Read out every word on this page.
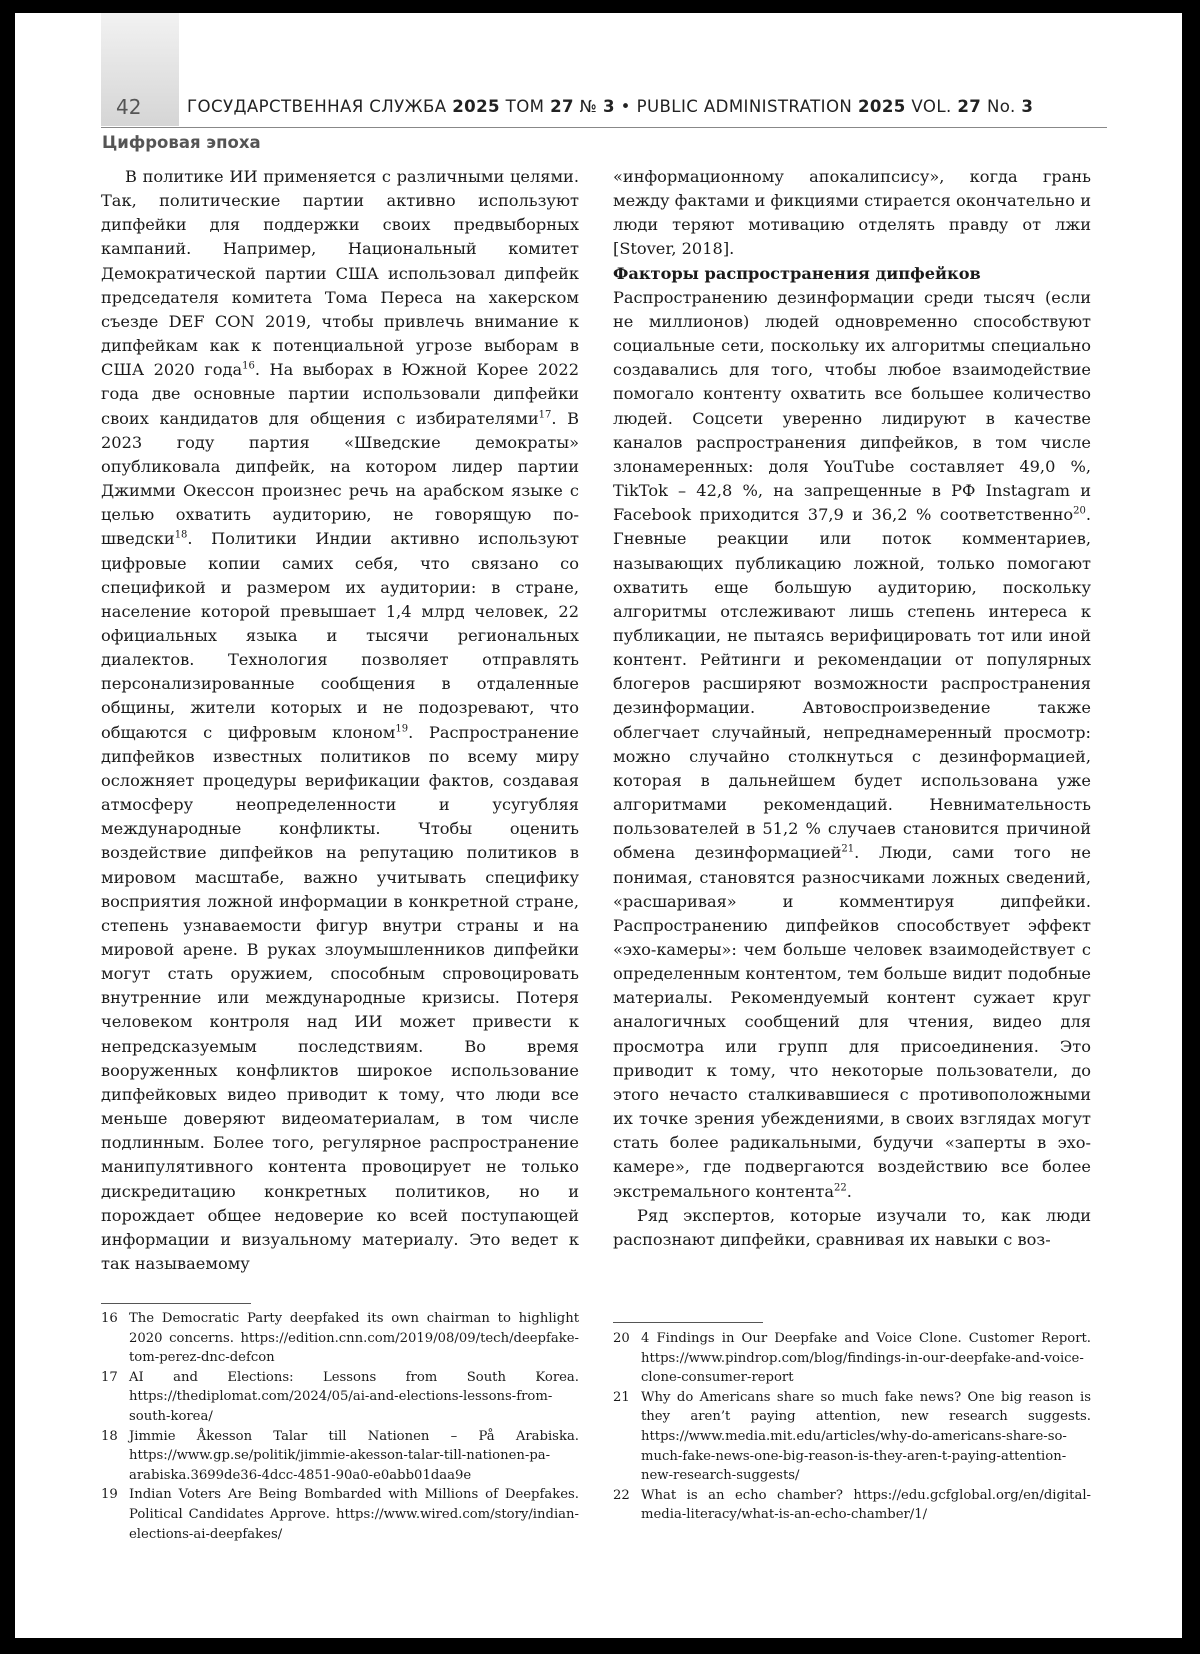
42	ГОСУДАРСТВЕННАЯ СЛУЖБА 2025 ТОМ 27 № 3 • PUBLIC ADMINISTRATION 2025 VOL. 27 No. 3
Цифровая эпоха

В политике ИИ применяется с различными целями. Так, политические партии активно используют дипфейки для поддержки своих предвыборных кампаний. Например, Национальный комитет Демократической партии США использовал дипфейк председателя комитета Тома Переса на хакерском съезде DEF CON 2019, чтобы привлечь внимание к дипфейкам как к потенциальной угрозе выборам в США 2020 года$^{16}$. На выборах в Южной Корее 2022 года две основные партии использовали дипфейки своих кандидатов для общения с избирателями$^{17}$. В 2023 году партия «Шведские демократы» опубликовала дипфейк, на котором лидер партии Джимми Окессон произнес речь на арабском языке с целью охватить аудиторию, не говорящую по-шведски$^{18}$. Политики Индии активно используют цифровые копии самих себя, что связано со спецификой и размером их аудитории: в стране, население которой превышает 1,4 млрд человек, 22 официальных языка и тысячи региональных диалектов. Технология позволяет отправлять персонализированные сообщения в отдаленные общины, жители которых и не подозревают, что общаются с цифровым клоном$^{19}$. Распространение дипфейков известных политиков по всему миру осложняет процедуры верификации фактов, создавая атмосферу неопределенности и усугубляя международные конфликты. Чтобы оценить воздействие дипфейков на репутацию политиков в мировом масштабе, важно учитывать специфику восприятия ложной информации в конкретной стране, степень узнаваемости фигур внутри страны и на мировой арене. В руках злоумышленников дипфейки могут стать оружием, способным спровоцировать внутренние или международные кризисы. Потеря человеком контроля над ИИ может привести к непредсказуемым последствиям. Во время вооруженных конфликтов широкое использование дипфейковых видео приводит к тому, что люди все меньше доверяют видеоматериалам, в том числе подлинным. Более того, регулярное распространение манипулятивного контента провоцирует не только дискредитацию конкретных политиков, но и порождает общее недоверие ко всей поступающей информации и визуальному материалу. Это ведет к так называемому

«информационному апокалипсису», когда грань между фактами и фикциями стирается окончательно и люди теряют мотивацию отделять правду от лжи [Stover, 2018].

Факторы распространения дипфейков

Распространению дезинформации среди тысяч (если не миллионов) людей одновременно способствуют социальные сети, поскольку их алгоритмы специально создавались для того, чтобы любое взаимодействие помогало контенту охватить все большее количество людей. Соцсети уверенно лидируют в качестве каналов распространения дипфейков, в том числе злонамеренных: доля YouTube составляет 49,0 %, TikTok – 42,8 %, на запрещенные в РФ Instagram и Facebook приходится 37,9 и 36,2 % соответственно$^{20}$. Гневные реакции или поток комментариев, называющих публикацию ложной, только помогают охватить еще большую аудиторию, поскольку алгоритмы отслеживают лишь степень интереса к публикации, не пытаясь верифицировать тот или иной контент. Рейтинги и рекомендации от популярных блогеров расширяют возможности распространения дезинформации. Автовоспроизведение также облегчает случайный, непреднамеренный просмотр: можно случайно столкнуться с дезинформацией, которая в дальнейшем будет использована уже алгоритмами рекомендаций. Невнимательность пользователей в 51,2 % случаев становится причиной обмена дезинформацией$^{21}$. Люди, сами того не понимая, становятся разносчиками ложных сведений, «расшаривая» и комментируя дипфейки. Распространению дипфейков способствует эффект «эхо-камеры»: чем больше человек взаимодействует с определенным контентом, тем больше видит подобные материалы. Рекомендуемый контент сужает круг аналогичных сообщений для чтения, видео для просмотра или групп для присоединения. Это приводит к тому, что некоторые пользователи, до этого нечасто сталкивавшиеся с противоположными их точке зрения убеждениями, в своих взглядах могут стать более радикальными, будучи «заперты в эхо-камере», где подвергаются воздействию все более экстремального контента$^{22}$.

Ряд экспертов, которые изучали то, как люди распознают дипфейки, сравнивая их навыки с воз-

16 The Democratic Party deepfaked its own chairman to highlight 2020 concerns. https://edition.cnn.com/2019/08/09/tech/deepfake-tom-perez-dnc-defcon
17 AI and Elections: Lessons from South Korea. https://thediplomat.com/2024/05/ai-and-elections-lessons-from-south-korea/
18 Jimmie Åkesson Talar till Nationen – På Arabiska. https://www.gp.se/politik/jimmie-akesson-talar-till-nationen-pa-arabiska.3699de36-4dcc-4851-90a0-e0abb01daa9e
19 Indian Voters Are Being Bombarded with Millions of Deepfakes. Political Candidates Approve. https://www.wired.com/story/indian-elections-ai-deepfakes/
20 4 Findings in Our Deepfake and Voice Clone. Customer Report. https://www.pindrop.com/blog/findings-in-our-deepfake-and-voice-clone-consumer-report
21 Why do Americans share so much fake news? One big reason is they aren’t paying attention, new research suggests. https://www.media.mit.edu/articles/why-do-americans-share-so-much-fake-news-one-big-reason-is-they-aren-t-paying-attention-new-research-suggests/
22 What is an echo chamber? https://edu.gcfglobal.org/en/digital-media-literacy/what-is-an-echo-chamber/1/
